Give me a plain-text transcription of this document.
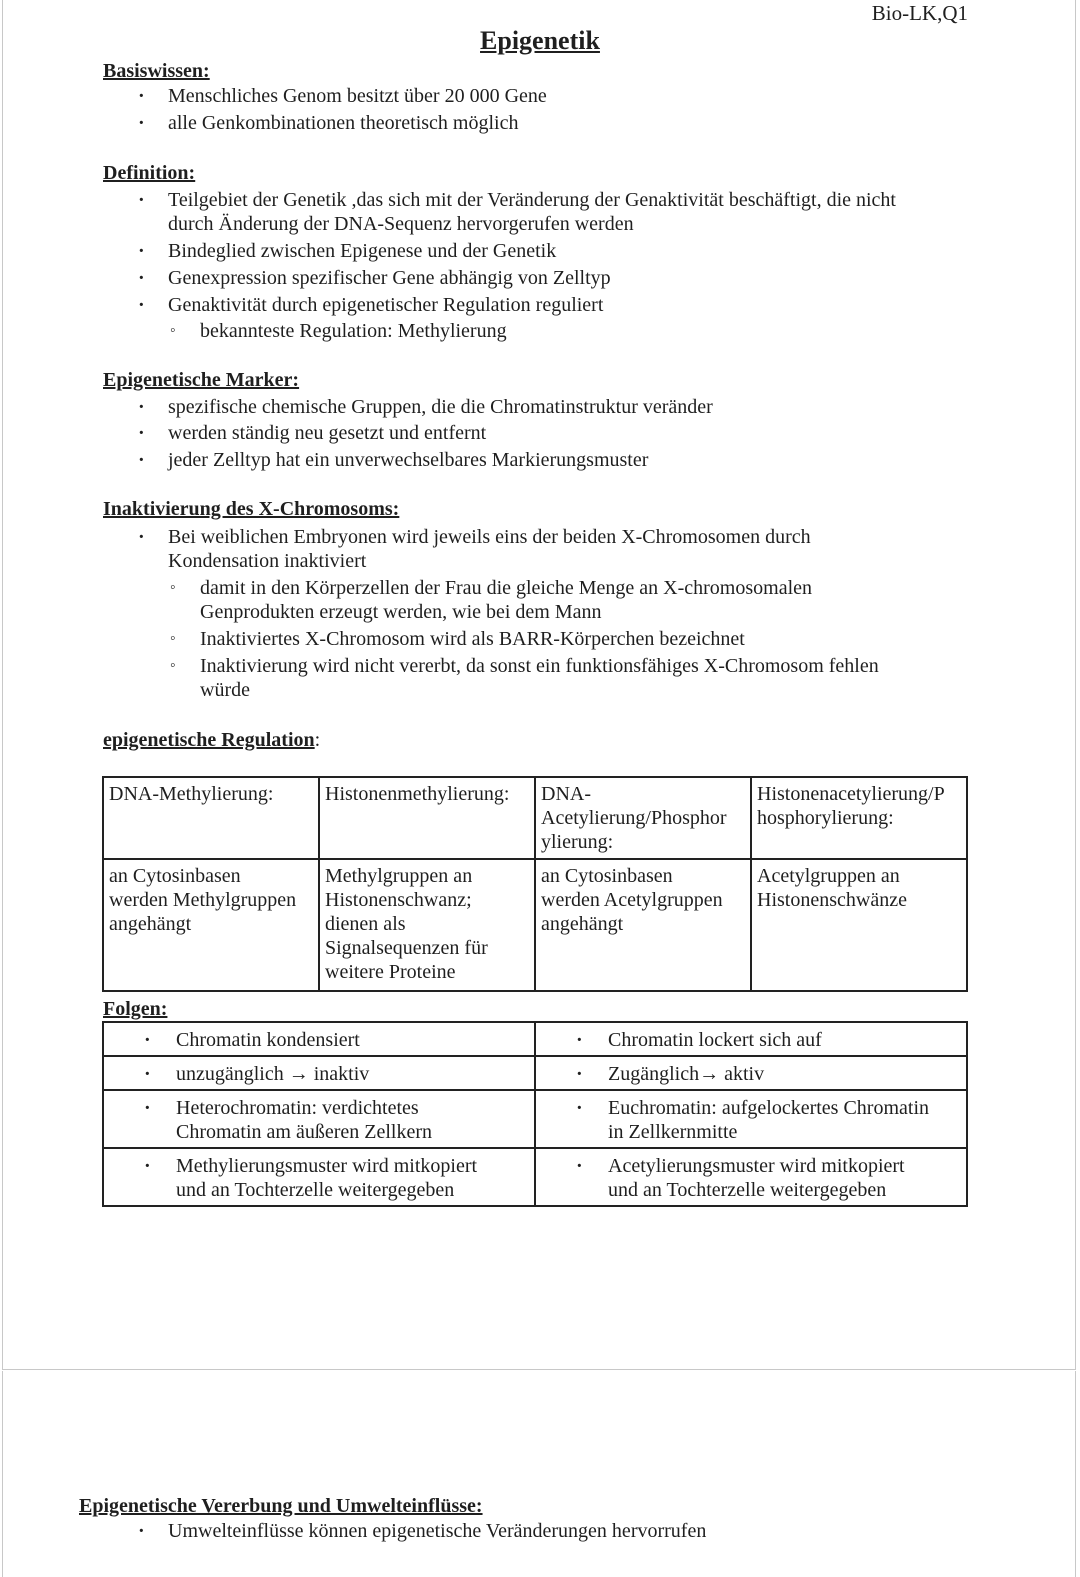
Bio-LK,Q1
Epigenetik
Basiswissen:
· Menschliches Genom besitzt über 20 000 Gene
· alle Genkombinationen theoretisch möglich
Definition:
· Teilgebiet der Genetik ,das sich mit der Veränderung der Genaktivität beschäftigt, die nicht
durch Änderung der DNA-Sequenz hervorgerufen werden
· Bindeglied zwischen Epigenese und der Genetik
· Genexpression spezifischer Gene abhängig von Zelltyp
· Genaktivität durch epigenetischer Regulation reguliert
◦ bekannteste Regulation: Methylierung
Epigenetische Marker:
· spezifische chemische Gruppen, die die Chromatinstruktur veränder
· werden ständig neu gesetzt und entfernt
· jeder Zelltyp hat ein unverwechselbares Markierungsmuster
Inaktivierung des X-Chromosoms:
· Bei weiblichen Embryonen wird jeweils eins der beiden X-Chromosomen durch
Kondensation inaktiviert
◦ damit in den Körperzellen der Frau die gleiche Menge an X-chromosomalen
Genprodukten erzeugt werden, wie bei dem Mann
◦ Inaktiviertes X-Chromosom wird als BARR-Körperchen bezeichnet
◦ Inaktivierung wird nicht vererbt, da sonst ein funktionsfähiges X-Chromosom fehlen
würde
epigenetische Regulation:
DNA-Methylierung:	Histonenmethylierung:	DNA-
Acetylierung/Phosphor
ylierung:	Histonenacetylierung/P
hosphorylierung:
an Cytosinbasen
werden Methylgruppen
angehängt	Methylgruppen an
Histonenschwanz;
dienen als
Signalsequenzen für
weitere Proteine	an Cytosinbasen
werden Acetylgruppen
angehängt	Acetylgruppen an
Histonenschwänze
Folgen:
· Chromatin kondensiert	· Chromatin lockert sich auf
· unzugänglich → inaktiv	· Zugänglich→ aktiv
· Heterochromatin: verdichtetes
Chromatin am äußeren Zellkern	· Euchromatin: aufgelockertes Chromatin
in Zellkernmitte
· Methylierungsmuster wird mitkopiert
und an Tochterzelle weitergegeben	· Acetylierungsmuster wird mitkopiert
und an Tochterzelle weitergegeben
Epigenetische Vererbung und Umwelteinflüsse:
· Umwelteinflüsse können epigenetische Veränderungen hervorrufen
